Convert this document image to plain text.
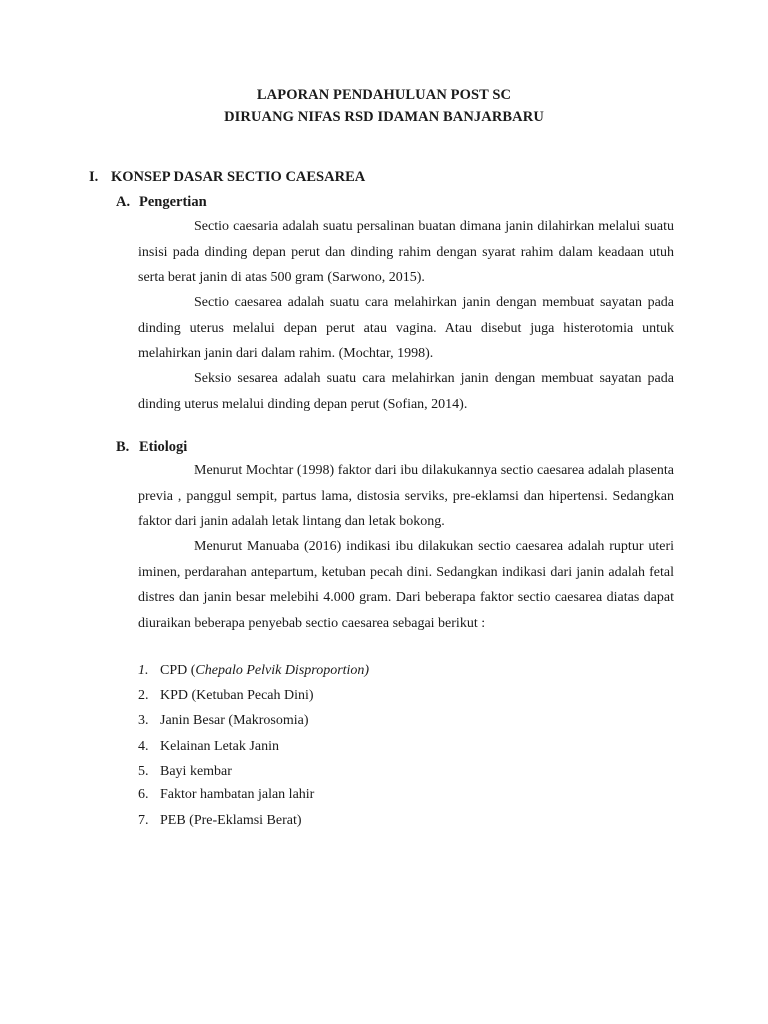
LAPORAN PENDAHULUAN POST SC
DIRUANG NIFAS RSD IDAMAN BANJARBARU
I. KONSEP DASAR SECTIO CAESAREA
A. Pengertian

Sectio caesaria adalah suatu persalinan buatan dimana janin dilahirkan melalui suatu insisi pada dinding depan perut dan dinding rahim dengan syarat rahim dalam keadaan utuh serta berat janin di atas 500 gram (Sarwono, 2015).

Sectio caesarea adalah suatu cara melahirkan janin dengan membuat sayatan pada dinding uterus melalui depan perut atau vagina. Atau disebut juga histerotomia untuk melahirkan janin dari dalam rahim. (Mochtar, 1998).

Seksio sesarea adalah suatu cara melahirkan janin dengan membuat sayatan pada dinding uterus melalui dinding depan perut (Sofian, 2014).

B. Etiologi

Menurut Mochtar (1998) faktor dari ibu dilakukannya sectio caesarea adalah plasenta previa , panggul sempit, partus lama, distosia serviks, pre-eklamsi dan hipertensi. Sedangkan faktor dari janin adalah letak lintang dan letak bokong.

Menurut Manuaba (2016) indikasi ibu dilakukan sectio caesarea adalah ruptur uteri iminen, perdarahan antepartum, ketuban pecah dini. Sedangkan indikasi dari janin adalah fetal distres dan janin besar melebihi 4.000 gram. Dari beberapa faktor sectio caesarea diatas dapat diuraikan beberapa penyebab sectio caesarea sebagai berikut :

1. CPD (Chepalo Pelvik Disproportion)
2. KPD (Ketuban Pecah Dini)
3. Janin Besar (Makrosomia)
4. Kelainan Letak Janin
5. Bayi kembar
6. Faktor hambatan jalan lahir
7. PEB (Pre-Eklamsi Berat)
